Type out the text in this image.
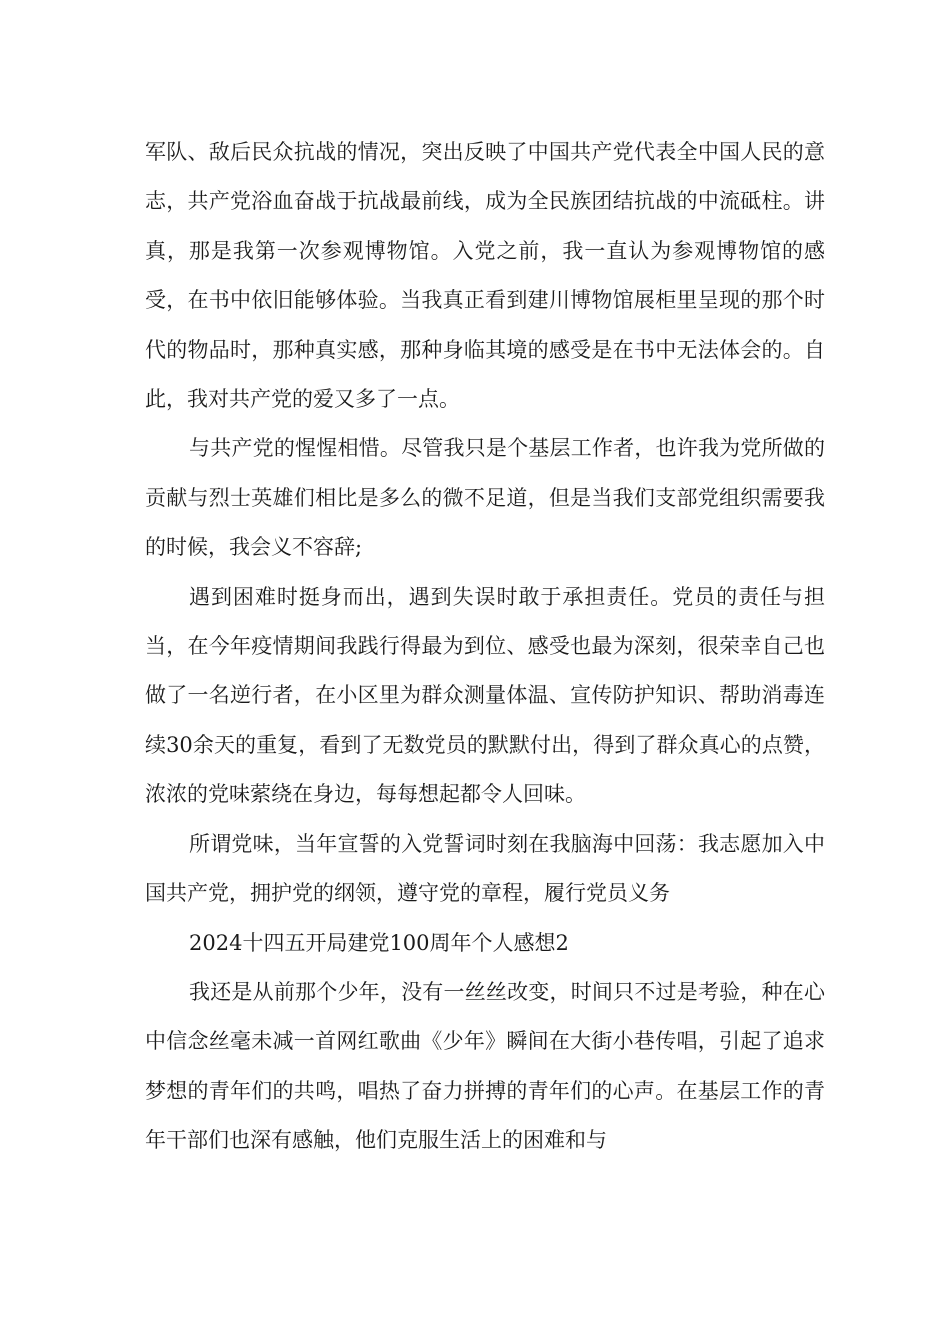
军队、敌后民众抗战的情况，突出反映了中国共产党代表全中国人民的意志，共产党浴血奋战于抗战最前线，成为全民族团结抗战的中流砥柱。讲真，那是我第一次参观博物馆。入党之前，我一直认为参观博物馆的感受，在书中依旧能够体验。当我真正看到建川博物馆展柜里呈现的那个时代的物品时，那种真实感，那种身临其境的感受是在书中无法体会的。自此，我对共产党的爱又多了一点。

与共产党的惺惺相惜。尽管我只是个基层工作者，也许我为党所做的贡献与烈士英雄们相比是多么的微不足道，但是当我们支部党组织需要我的时候，我会义不容辞;

遇到困难时挺身而出，遇到失误时敢于承担责任。党员的责任与担当，在今年疫情期间我践行得最为到位、感受也最为深刻，很荣幸自己也做了一名逆行者，在小区里为群众测量体温、宣传防护知识、帮助消毒连续30余天的重复，看到了无数党员的默默付出，得到了群众真心的点赞，浓浓的党味萦绕在身边，每每想起都令人回味。

所谓党味，当年宣誓的入党誓词时刻在我脑海中回荡：我志愿加入中国共产党，拥护党的纲领，遵守党的章程，履行党员义务

2024十四五开局建党100周年个人感想2

我还是从前那个少年，没有一丝丝改变，时间只不过是考验，种在心中信念丝毫未减一首网红歌曲《少年》瞬间在大街小巷传唱，引起了追求梦想的青年们的共鸣，唱热了奋力拼搏的青年们的心声。在基层工作的青年干部们也深有感触，他们克服生活上的困难和与
